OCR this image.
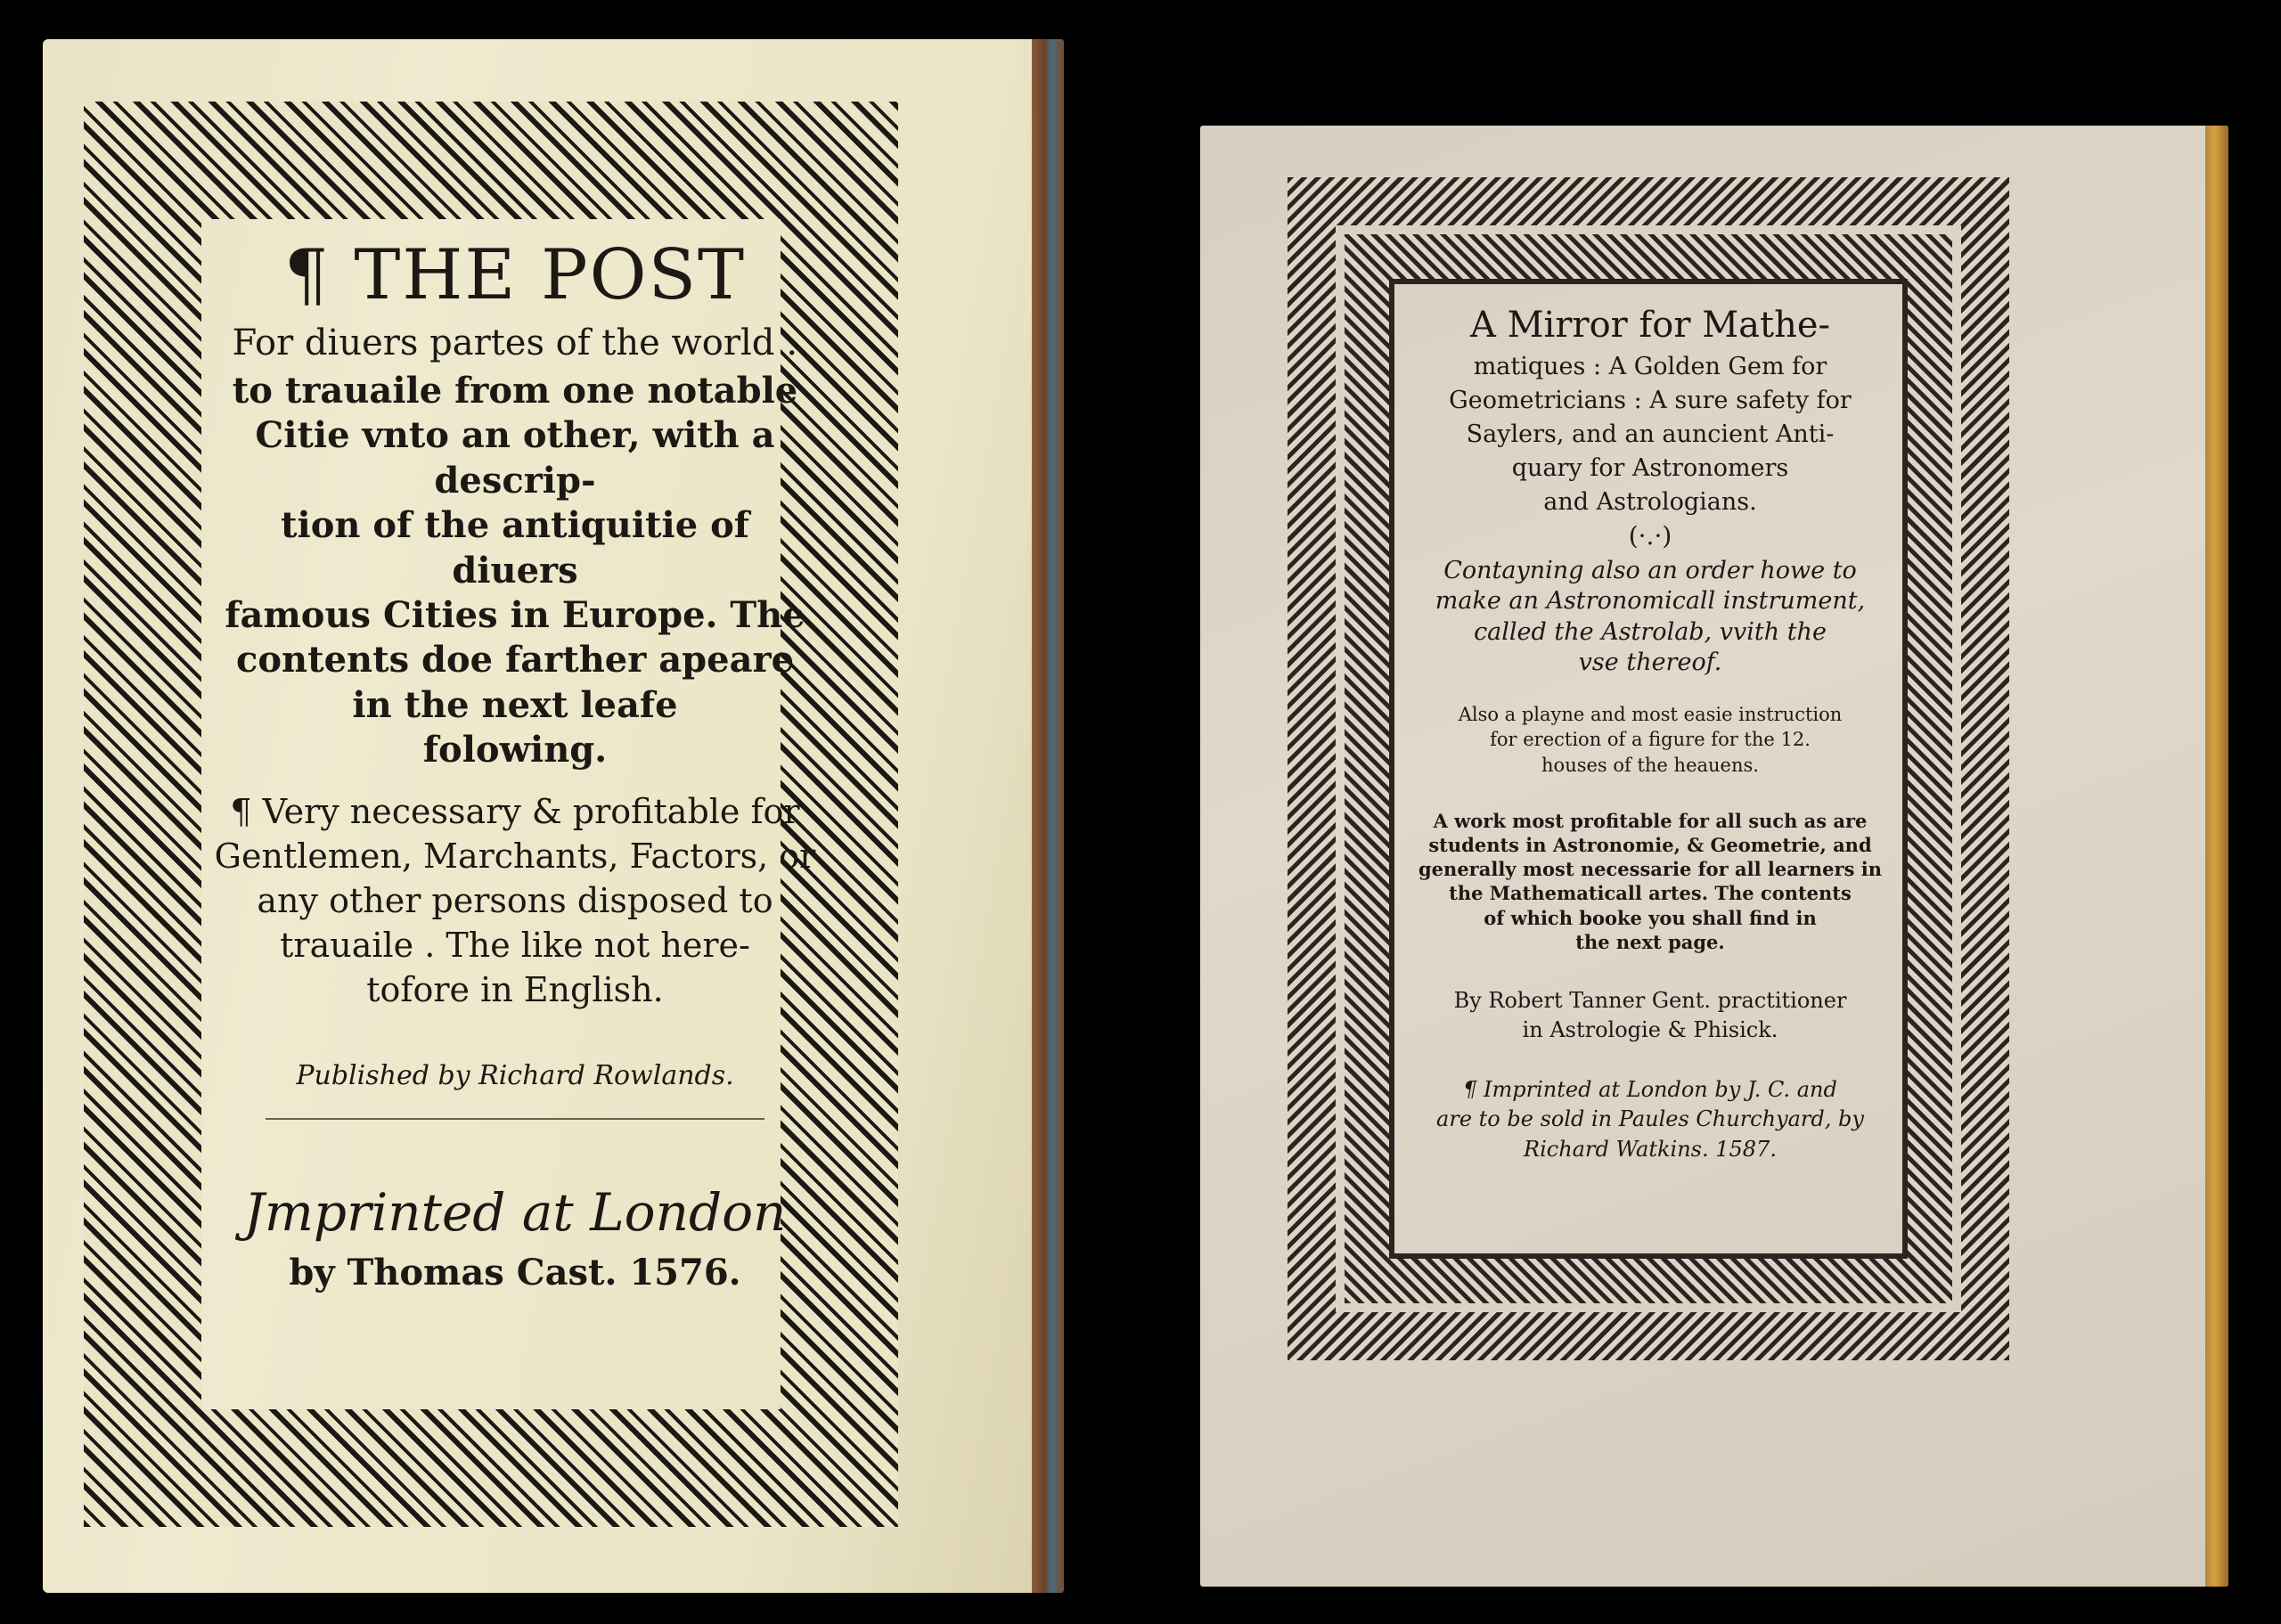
¶ THE POST
For diuers partes of the world :

to trauaile from one notable

Citie vnto an other, with a descrip-

tion of the antiquitie of diuers

famous Cities in Europe. The

contents doe farther apeare

in the next leafe

folowing.

¶ Very necessary & profitable for
Gentlemen, Marchants, Factors, or
any other persons disposed to
trauaile . The like not here-
tofore in English.
Published by Richard Rowlands.
Jmprinted at London
by Thomas Cast. 1576.

A Mirror for Mathe-

matiques : A Golden Gem for

Geometricians : A sure safety for

Saylers, and an auncient Anti-

quary for Astronomers

and Astrologians.

(·.·)
Contayning also an order howe to
make an Astronomicall instrument,
called the Astrolab, vvith the
vse thereof.
Also a playne and most easie instruction
for erection of a figure for the 12.
houses of the heauens.
A work most profitable for all such as are
students in Astronomie, & Geometrie, and
generally most necessarie for all learners in
the Mathematicall artes. The contents
of which booke you shall find in
the next page.
By Robert Tanner Gent. practitioner
in Astrologie & Phisick.
¶ Imprinted at London by J. C. and
are to be sold in Paules Churchyard, by
Richard Watkins. 1587.
